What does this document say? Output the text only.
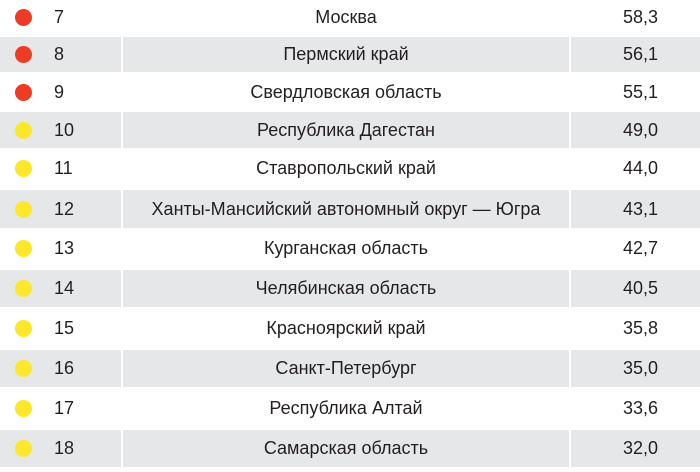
7	Москва	58,3
8	Пермский край	56,1
9	Свердловская область	55,1
10	Республика Дагестан	49,0
11	Ставропольский край	44,0
12	Ханты-Мансийский автономный округ — Югра	43,1
13	Курганская область	42,7
14	Челябинская область	40,5
15	Красноярский край	35,8
16	Санкт-Петербург	35,0
17	Республика Алтай	33,6
18	Самарская область	32,0
